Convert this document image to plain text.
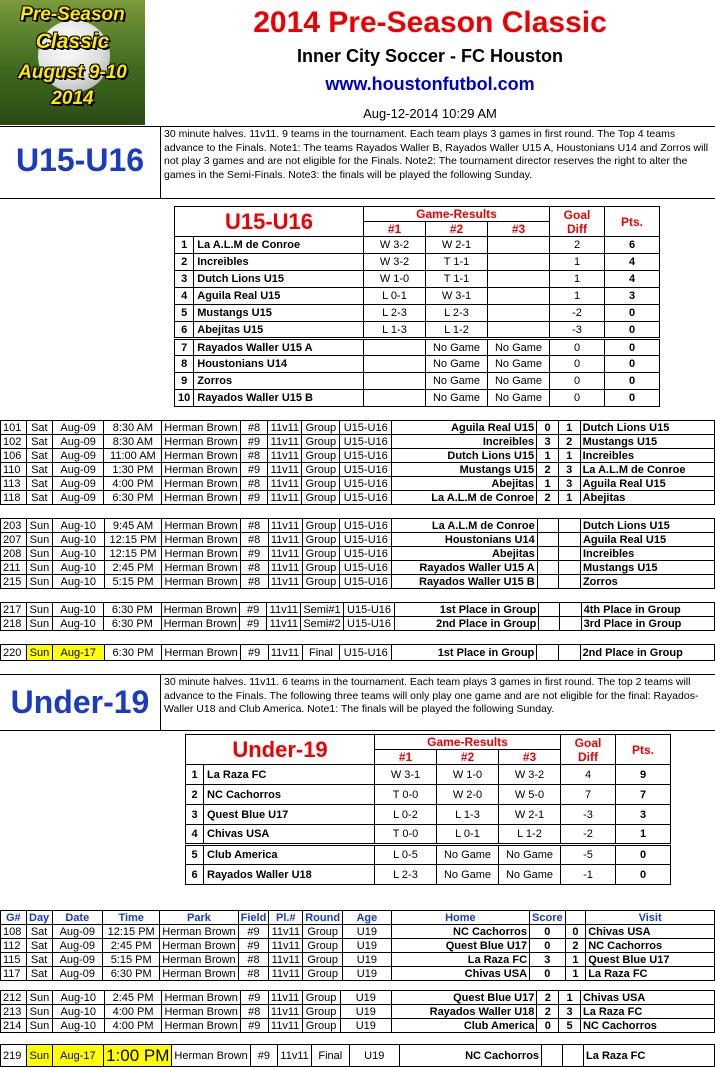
Pre-Season
Classic
August 9-10
2014
2014 Pre-Season Classic
Inner City Soccer - FC Houston
www.houstonfutbol.com
Aug-12-2014 10:29 AM
U15-U16
30 minute halves. 11v11. 9 teams in the tournament. Each team plays 3 games in first round. The Top 4 teams advance to the Finals. Note1: The teams Rayados Waller B, Rayados Waller U15 A, Houstonians U14 and Zorros will not play 3 games and are not eligible for the Finals. Note2: The tournament director reserves the right to alter the games in the Semi-Finals. Note3: the finals will be played the following Sunday.
U15-U16		Game-Results			Goal Diff	Pts.
		#1	#2	#3		
1	La A.L.M de Conroe	W 3-2	W 2-1		2	6
2	Increibles	W 3-2	T 1-1		1	4
3	Dutch Lions U15	W 1-0	T 1-1		1	4
4	Aguila Real U15	L 0-1	W 3-1		1	3
5	Mustangs U15	L 2-3	L 2-3		-2	0
6	Abejitas U15	L 1-3	L 1-2		-3	0
7	Rayados Waller U15 A		No Game	No Game	0	0
8	Houstonians U14		No Game	No Game	0	0
9	Zorros		No Game	No Game	0	0
10	Rayados Waller U15 B		No Game	No Game	0	0
101	Sat	Aug-09	8:30 AM	Herman Brown	#8	11v11	Group	U15-U16	Aguila Real U15	0	1	Dutch Lions U15
102	Sat	Aug-09	8:30 AM	Herman Brown	#9	11v11	Group	U15-U16	Increibles	3	2	Mustangs U15
106	Sat	Aug-09	11:00 AM	Herman Brown	#8	11v11	Group	U15-U16	Dutch Lions U15	1	1	Increibles
110	Sat	Aug-09	1:30 PM	Herman Brown	#9	11v11	Group	U15-U16	Mustangs U15	2	3	La A.L.M de Conroe
113	Sat	Aug-09	4:00 PM	Herman Brown	#8	11v11	Group	U15-U16	Abejitas	1	3	Aguila Real U15
118	Sat	Aug-09	6:30 PM	Herman Brown	#9	11v11	Group	U15-U16	La A.L.M de Conroe	2	1	Abejitas
203	Sun	Aug-10	9:45 AM	Herman Brown	#8	11v11	Group	U15-U16	La A.L.M de Conroe			Dutch Lions U15
207	Sun	Aug-10	12:15 PM	Herman Brown	#8	11v11	Group	U15-U16	Houstonians U14			Aguila Real U15
208	Sun	Aug-10	12:15 PM	Herman Brown	#9	11v11	Group	U15-U16	Abejitas			Increibles
211	Sun	Aug-10	2:45 PM	Herman Brown	#8	11v11	Group	U15-U16	Rayados Waller U15 A			Mustangs U15
215	Sun	Aug-10	5:15 PM	Herman Brown	#8	11v11	Group	U15-U16	Rayados Waller U15 B			Zorros
217	Sun	Aug-10	6:30 PM	Herman Brown	#9	11v11	Semi#1	U15-U16	1st Place in Group			4th Place in Group
218	Sun	Aug-10	6:30 PM	Herman Brown	#9	11v11	Semi#2	U15-U16	2nd Place in Group			3rd Place in Group
220	Sun	Aug-17	6:30 PM	Herman Brown	#9	11v11	Final	U15-U16	1st Place in Group			2nd Place in Group
Under-19
30 minute halves. 11v11. 6 teams in the tournament. Each team plays 3 games in first round. The top 2 teams will advance to the Finals. The following three teams will only play one game and are not eligible for the final: Rayados-Waller U18 and Club America. Note1: The finals will be played the following Sunday.
Under-19		Game-Results			Goal Diff	Pts.
		#1	#2	#3		
1	La Raza FC	W 3-1	W 1-0	W 3-2	4	9
2	NC Cachorros	T 0-0	W 2-0	W 5-0	7	7
3	Quest Blue U17	L 0-2	L 1-3	W 2-1	-3	3
4	Chivas USA	T 0-0	L 0-1	L 1-2	-2	1
5	Club America	L 0-5	No Game	No Game	-5	0
6	Rayados Waller U18	L 2-3	No Game	No Game	-1	0
G#	Day	Date	Time	Park	Field	Pl.#	Round	Age	Home	Score		Visit
108	Sat	Aug-09	12:15 PM	Herman Brown	#9	11v11	Group	U19	NC Cachorros	0	0	Chivas USA
112	Sat	Aug-09	2:45 PM	Herman Brown	#9	11v11	Group	U19	Quest Blue U17	0	2	NC Cachorros
115	Sat	Aug-09	5:15 PM	Herman Brown	#8	11v11	Group	U19	La Raza FC	3	1	Quest Blue U17
117	Sat	Aug-09	6:30 PM	Herman Brown	#8	11v11	Group	U19	Chivas USA	0	1	La Raza FC
212	Sun	Aug-10	2:45 PM	Herman Brown	#9	11v11	Group	U19	Quest Blue U17	2	1	Chivas USA
213	Sun	Aug-10	4:00 PM	Herman Brown	#8	11v11	Group	U19	Rayados Waller U18	2	3	La Raza FC
214	Sun	Aug-10	4:00 PM	Herman Brown	#9	11v11	Group	U19	Club America	0	5	NC Cachorros
219	Sun	Aug-17	1:00 PM	Herman Brown	#9	11v11	Final	U19	NC Cachorros			La Raza FC
